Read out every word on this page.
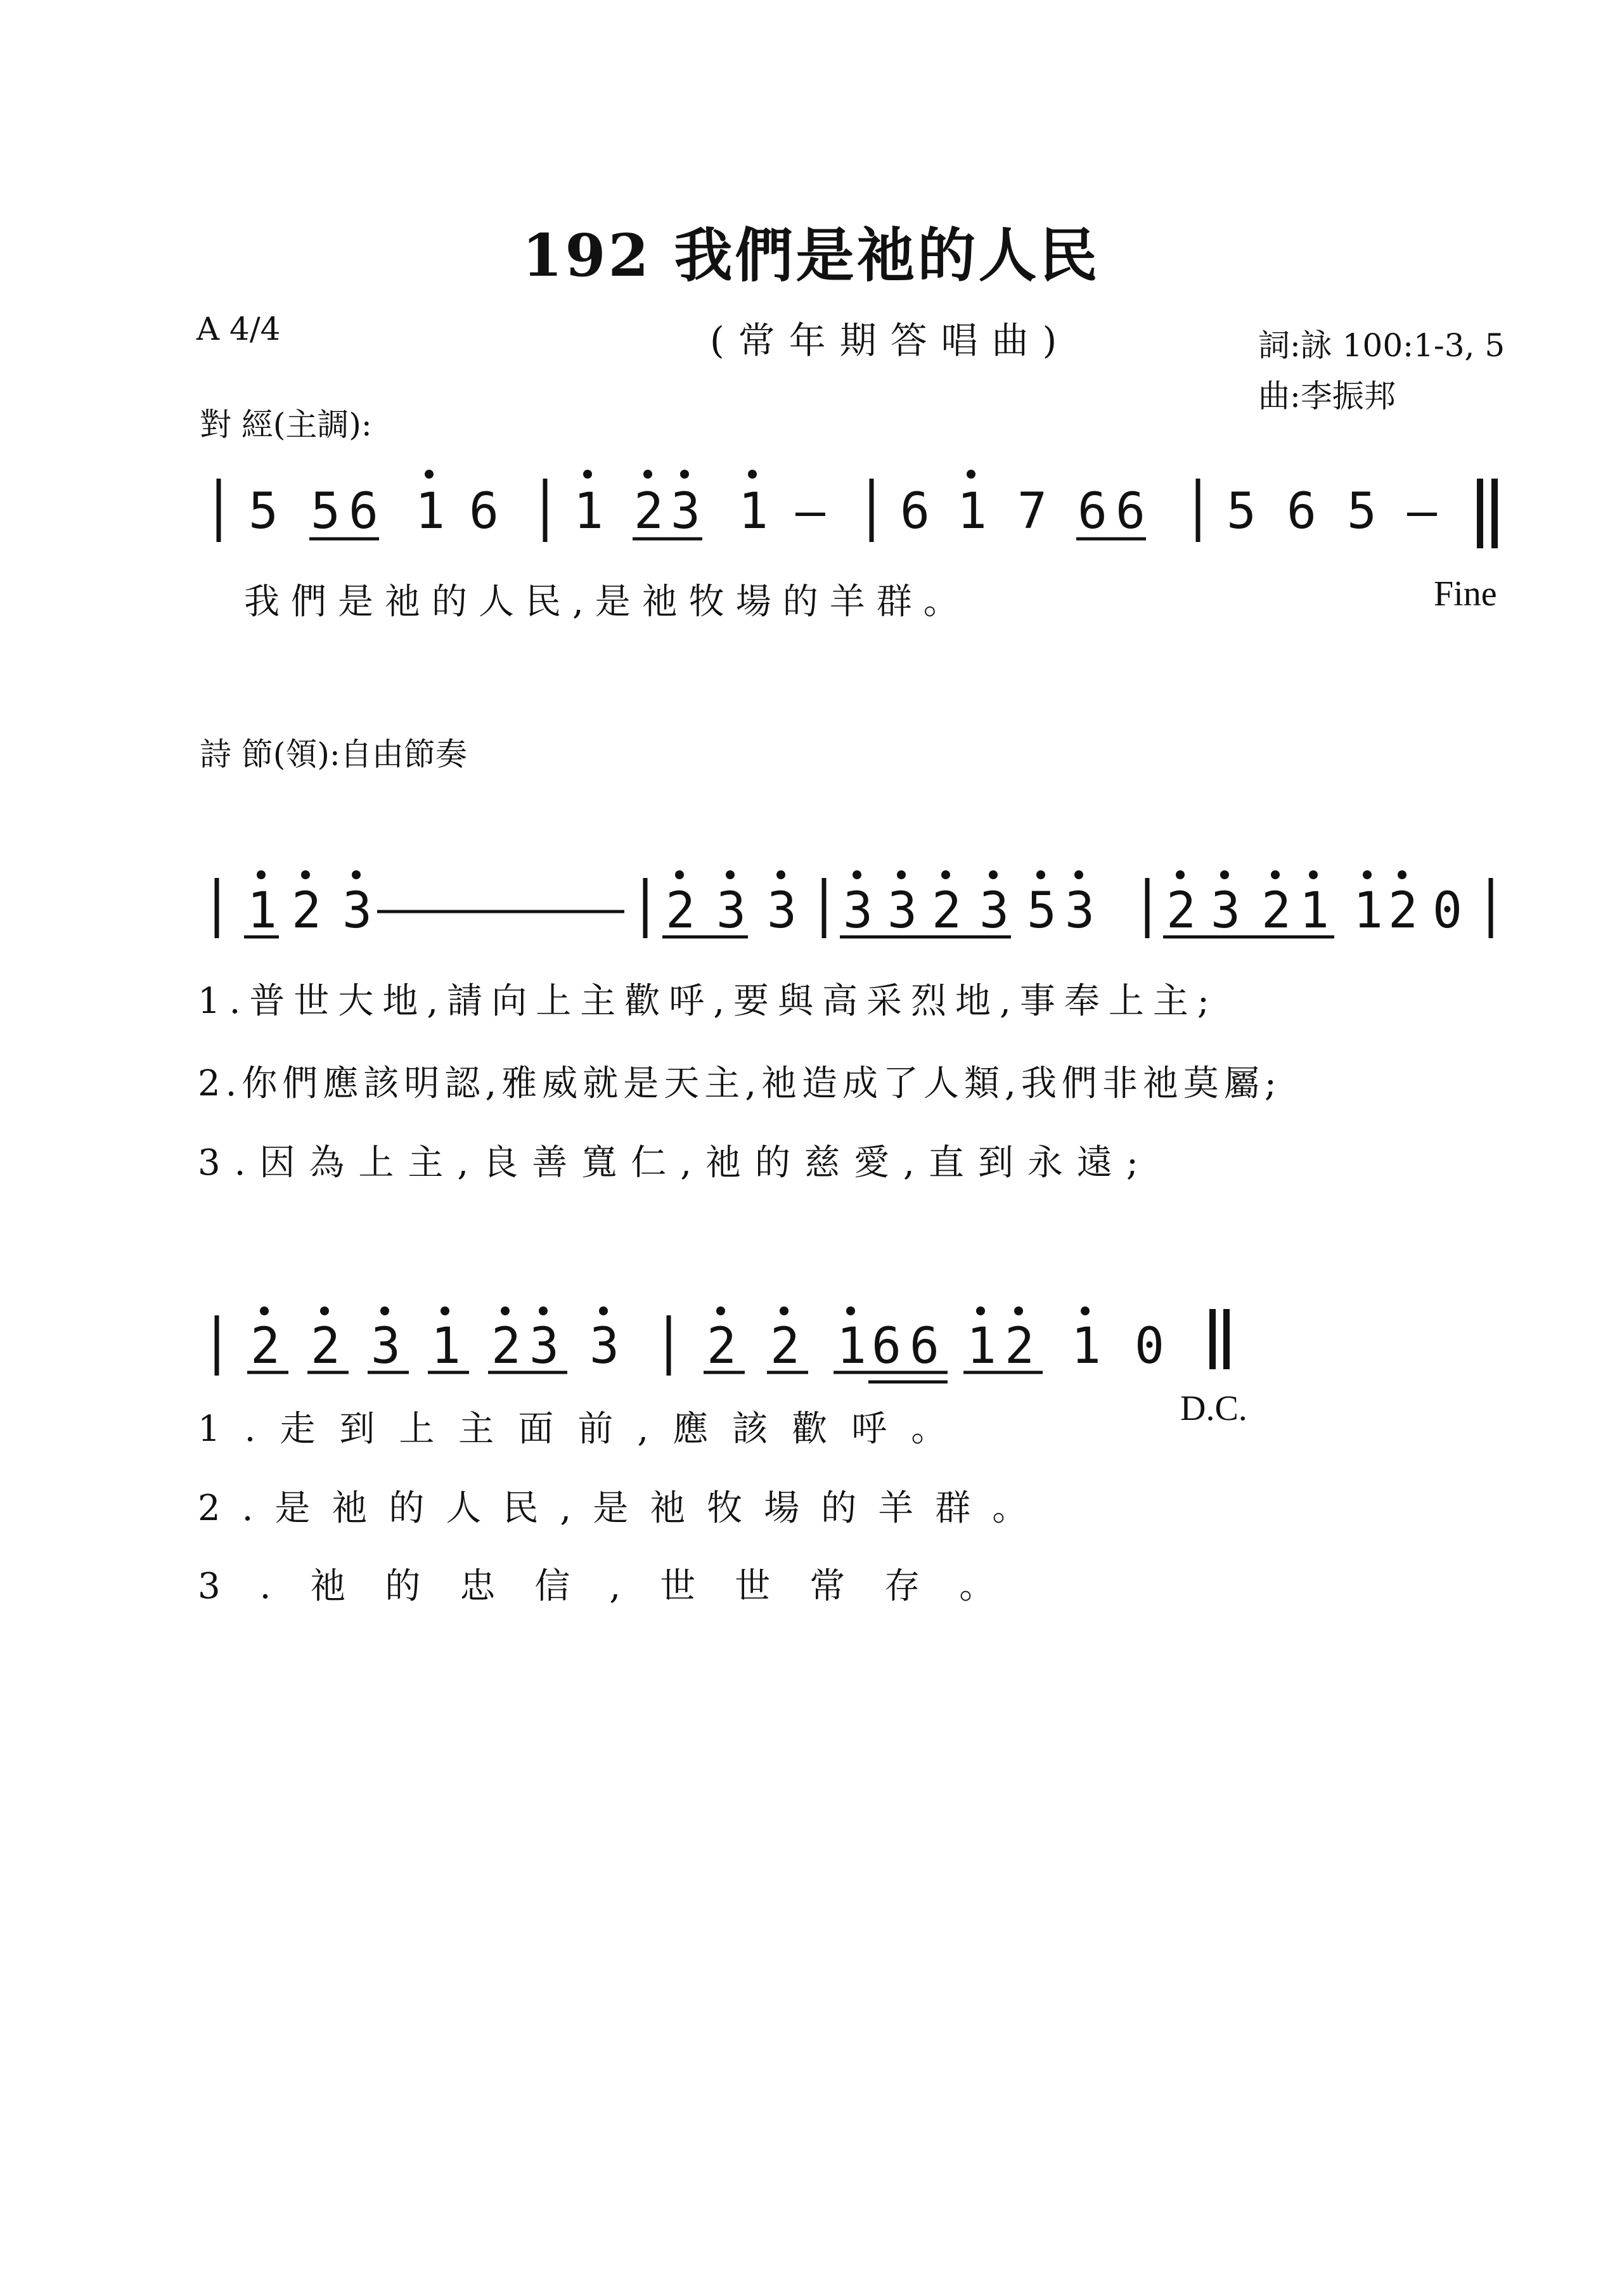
192 我們是祂的人民
A 4/4	(常年期答唱曲)	詞:詠 100:1-3, 5
曲:李振邦
對 經(主調):
詩 節(領):自由節奏
5 5 6 1 6 1 2 3 1 – 6 1 7 6 6 5 6 5 –
我們是祂的人民,是祂牧場的羊群。	Fine
1 2 3	2 3 3 3 3 2 3 5 3 2 3 2 1 1 2 0
1.普世大地,請向上主歡呼,要與高采烈地,事奉上主;
2.你們應該明認,雅威就是天主,祂造成了人類,我們非祂莫屬;
3.因為上主,良善寬仁,祂的慈愛,直到永遠;
2 2 3 1 2 3 3 2 2 1 6 6 1 2 1 0
1.走到上主面前,應該歡呼。	D.C.
2.是祂的人民,是祂牧場的羊群。
3.祂的忠信,世世常存。
